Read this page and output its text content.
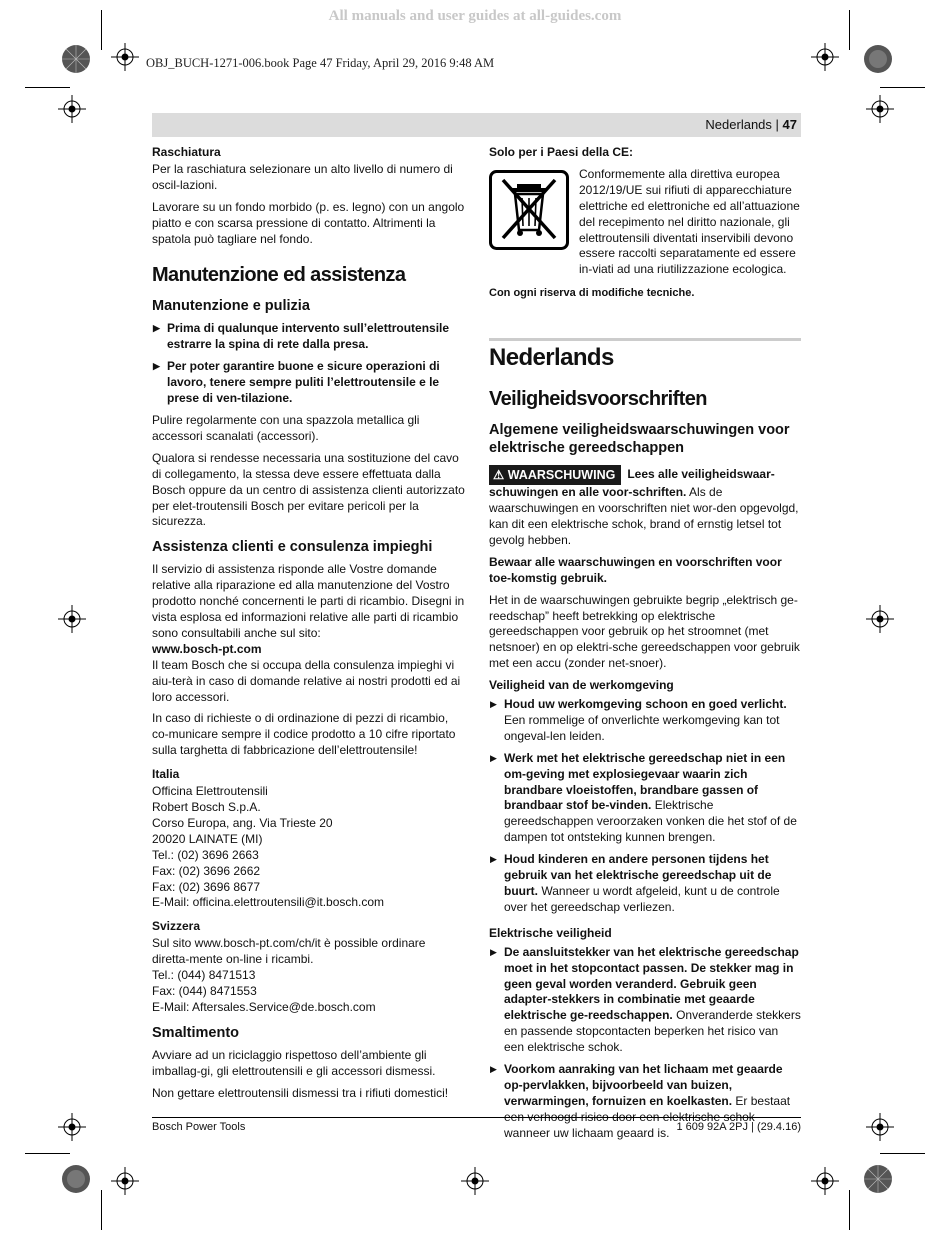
All manuals and user guides at all-guides.com
OBJ_BUCH-1271-006.book Page 47 Friday, April 29, 2016 9:48 AM
Nederlands | 47
Raschiatura

Per la raschiatura selezionare un alto livello di numero di oscil-lazioni.

Lavorare su un fondo morbido (p. es. legno) con un angolo piatto e con scarsa pressione di contatto. Altrimenti la spatola può tagliare nel fondo.

Manutenzione ed assistenza
Manutenzione e pulizia
▶ Prima di qualunque intervento sull’elettroutensile estrarre la spina di rete dalla presa.
▶ Per poter garantire buone e sicure operazioni di lavoro, tenere sempre puliti l’elettroutensile e le prese di ven-tilazione.

Pulire regolarmente con una spazzola metallica gli accessori scanalati (accessori).

Qualora si rendesse necessaria una sostituzione del cavo di collegamento, la stessa deve essere effettuata dalla Bosch oppure da un centro di assistenza clienti autorizzato per elet-troutensili Bosch per evitare pericoli per la sicurezza.

Assistenza clienti e consulenza impieghi

Il servizio di assistenza risponde alle Vostre domande relative alla riparazione ed alla manutenzione del Vostro prodotto nonché concernenti le parti di ricambio. Disegni in vista esplosa ed informazioni relative alle parti di ricambio sono consultabili anche sul sito:

www.bosch-pt.com

Il team Bosch che si occupa della consulenza impieghi vi aiu-terà in caso di domande relative ai nostri prodotti ed ai loro accessori.

In caso di richieste o di ordinazione di pezzi di ricambio, co-municare sempre il codice prodotto a 10 cifre riportato sulla targhetta di fabbricazione dell’elettroutensile!

Italia

Officina Elettroutensili

Robert Bosch S.p.A.

Corso Europa, ang. Via Trieste 20

20020 LAINATE (MI)

Tel.: (02) 3696 2663

Fax: (02) 3696 2662

Fax: (02) 3696 8677

E-Mail: officina.elettroutensili@it.bosch.com

Svizzera

Sul sito www.bosch-pt.com/ch/it è possible ordinare diretta-mente on-line i ricambi.

Tel.: (044) 8471513

Fax: (044) 8471553

E-Mail: Aftersales.Service@de.bosch.com

Smaltimento

Avviare ad un riciclaggio rispettoso dell’ambiente gli imballag-gi, gli elettroutensili e gli accessori dismessi.

Non gettare elettroutensili dismessi tra i rifiuti domestici!

Solo per i Paesi della CE:
Conformemente alla direttiva europea 2012/19/UE sui rifiuti di apparecchiature elettriche ed elettroniche ed all’attuazione del recepimento nel diritto nazionale, gli elettroutensili diventati inservibili devono essere raccolti separatamente ed essere in-viati ad una riutilizzazione ecologica.
Con ogni riserva di modifiche tecniche.
Nederlands
Veiligheidsvoorschriften
Algemene veiligheidswaarschuwingen voor elektrische gereedschappen

⚠ WAARSCHUWING Lees alle veiligheidswaar-schuwingen en alle voor-schriften. Als de waarschuwingen en voorschriften niet wor-den opgevolgd, kan dit een elektrische schok, brand of ernstig letsel tot gevolg hebben.

Bewaar alle waarschuwingen en voorschriften voor toe-komstig gebruik.

Het in de waarschuwingen gebruikte begrip „elektrisch ge-reedschap” heeft betrekking op elektrische gereedschappen voor gebruik op het stroomnet (met netsnoer) en op elektri-sche gereedschappen voor gebruik met een accu (zonder net-snoer).

Veiligheid van de werkomgeving
▶ Houd uw werkomgeving schoon en goed verlicht. Een rommelige of onverlichte werkomgeving kan tot ongeval-len leiden.
▶ Werk met het elektrische gereedschap niet in een om-geving met explosiegevaar waarin zich brandbare vloeistoffen, brandbare gassen of brandbaar stof be-vinden. Elektrische gereedschappen veroorzaken vonken die het stof of de dampen tot ontsteking kunnen brengen.
▶ Houd kinderen en andere personen tijdens het gebruik van het elektrische gereedschap uit de buurt. Wanneer u wordt afgeleid, kunt u de controle over het gereedschap verliezen.
Elektrische veiligheid
▶ De aansluitstekker van het elektrische gereedschap moet in het stopcontact passen. De stekker mag in geen geval worden veranderd. Gebruik geen adapter-stekkers in combinatie met geaarde elektrische ge-reedschappen. Onveranderde stekkers en passende stopcontacten beperken het risico van een elektrische schok.
▶ Voorkom aanraking van het lichaam met geaarde op-pervlakken, bijvoorbeeld van buizen, verwarmingen, fornuizen en koelkasten. Er bestaat een verhoogd risico door een elektrische schok wanneer uw lichaam geaard is.
Bosch Power Tools	1 609 92A 2PJ | (29.4.16)
